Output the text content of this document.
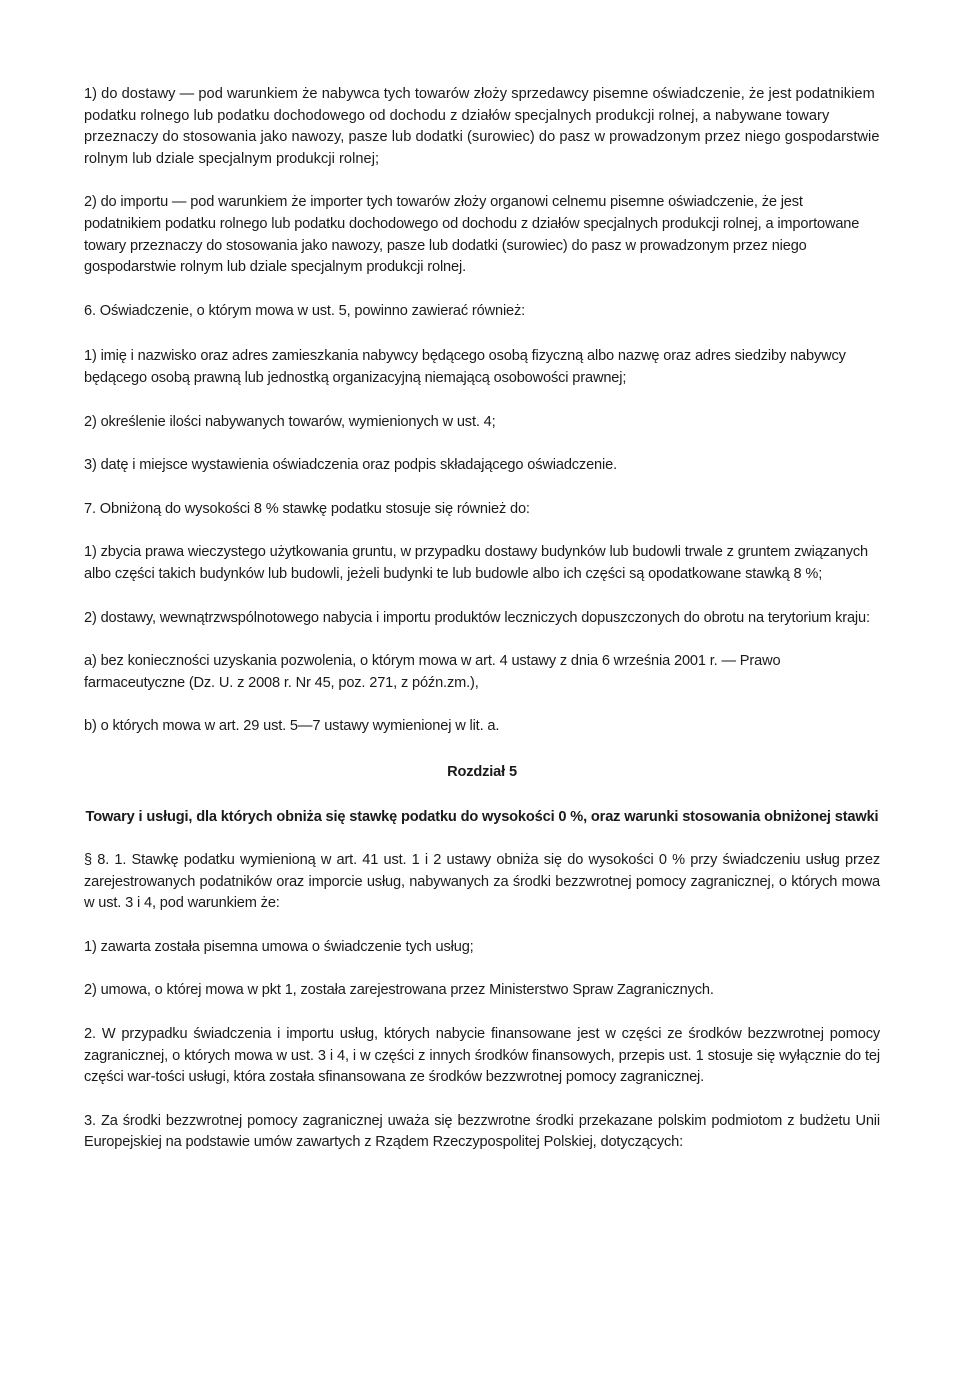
1) do dostawy — pod warunkiem że nabywca tych towarów złoży sprzedawcy pisemne oświadczenie, że jest podatnikiem podatku rolnego lub podatku dochodowego od dochodu z działów specjalnych produkcji rolnej, a nabywane towary przeznaczy do stosowania jako nawozy, pasze lub dodatki (surowiec) do pasz w prowadzonym przez niego gospodarstwie rolnym lub dziale specjalnym produkcji rolnej;

2) do importu — pod warunkiem że importer tych towarów złoży organowi celnemu pisemne oświadczenie, że jest podatnikiem podatku rolnego lub podatku dochodowego od dochodu z działów specjalnych produkcji rolnej, a importowane towary przeznaczy do stosowania jako nawozy, pasze lub dodatki (surowiec) do pasz w prowadzonym przez niego gospodarstwie rolnym lub dziale specjalnym produkcji rolnej.

6. Oświadczenie, o którym mowa w ust. 5, powinno zawierać również:

1) imię i nazwisko oraz adres zamieszkania nabywcy będącego osobą fizyczną albo nazwę oraz adres siedziby nabywcy będącego osobą prawną lub jednostką organizacyjną niemającą osobowości prawnej;

2) określenie ilości nabywanych towarów, wymienionych w ust. 4;

3) datę i miejsce wystawienia oświadczenia oraz podpis składającego oświadczenie.

7. Obniżoną do wysokości 8 % stawkę podatku stosuje się również do:

1) zbycia prawa wieczystego użytkowania gruntu, w przypadku dostawy budynków lub budowli trwale z gruntem związanych albo części takich budynków lub budowli, jeżeli budynki te lub budowle albo ich części są opodatkowane stawką 8 %;

2) dostawy, wewnątrzwspólnotowego nabycia i importu produktów leczniczych dopuszczonych do obrotu na terytorium kraju:

a) bez konieczności uzyskania pozwolenia, o którym mowa w art. 4 ustawy z dnia 6 września 2001 r. — Prawo farmaceutyczne (Dz. U. z 2008 r. Nr 45, poz. 271, z późn.zm.),

b) o których mowa w art. 29 ust. 5—7 ustawy wymienionej w lit. a.

Rozdział 5

Towary i usługi, dla których obniża się stawkę podatku do wysokości 0 %, oraz warunki stosowania obniżonej stawki

§ 8. 1. Stawkę podatku wymienioną w art. 41 ust. 1 i 2 ustawy obniża się do wysokości 0 % przy świadczeniu usług przez zarejestrowanych podatników oraz imporcie usług, nabywanych za środki bezzwrotnej pomocy zagranicznej, o których mowa w ust. 3 i 4, pod warunkiem że:

1) zawarta została pisemna umowa o świadczenie tych usług;

2) umowa, o której mowa w pkt 1, została zarejestrowana przez Ministerstwo Spraw Zagranicznych.

2. W przypadku świadczenia i importu usług, których nabycie finansowane jest w części ze środków bezzwrotnej pomocy zagranicznej, o których mowa w ust. 3 i 4, i w części z innych środków finansowych, przepis ust. 1 stosuje się wyłącznie do tej części war-tości usługi, która została sfinansowana ze środków bezzwrotnej pomocy zagranicznej.

3. Za środki bezzwrotnej pomocy zagranicznej uważa się bezzwrotne środki przekazane polskim podmiotom z budżetu Unii Europejskiej na podstawie umów zawartych z Rządem Rzeczypospolitej Polskiej, dotyczących:
